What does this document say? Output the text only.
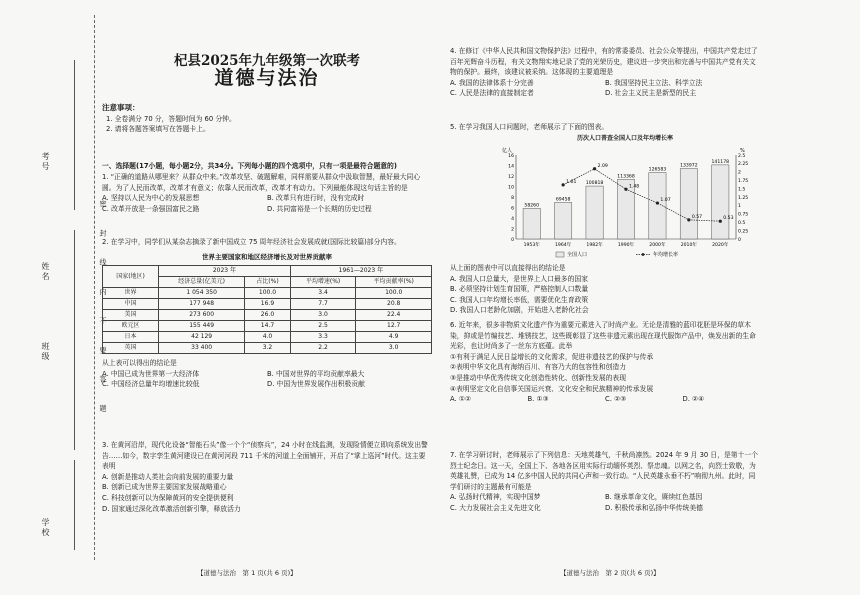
考号
姓名
班级
学校
密 封 线 内 不 要 答 题
杞县2025年九年级第一次联考
道德与法治

注意事项：

1. 全卷满分 70 分，答题时间为 60 分钟。

2. 请将各题答案填写在答题卡上。

一、选择题(17小题，每小题2分，共34分。下列每小题的四个选项中，只有一项是最符合题意的)

1. “正确的道路从哪里来？从群众中来。”改革攻坚、破题解难，同样需要从群众中汲取智慧，最好最大同心圆。为了人民而改革，改革才有意义；依靠人民而改革，改革才有动力。下列最能体现这句话主旨的是

A. 坚持以人民为中心的发展思想	B. 改革只有进行时，没有完成时
C. 改革开放是一条强国富民之路	D. 共同富裕是一个长期的历史过程

2. 在学习中，同学们从某杂志摘录了新中国成立 75 周年经济社会发展成就(国际比较篇)部分内容。

世界主要国家和地区经济增长及对世界贡献率
国家(地区)	2023 年		1961—2023 年	
	经济总量(亿美元)	占比(%)	平均增速(%)	平均贡献率(%)
世界	1 054 350	100.0	3.4	100.0
中国	177 948	16.9	7.7	20.8
美国	273 600	26.0	3.0	22.4
欧元区	155 449	14.7	2.5	12.7
日本	42 129	4.0	3.3	4.9
英国	33 400	3.2	2.2	3.0

从上表可以得出的结论是

A. 中国已成为世界第一大经济体	B. 中国对世界的平均贡献率最大
C. 中国经济总量年均增速比较低	D. 中国为世界发展作出积极贡献

3. 在黄河沿岸，现代化设备“智能石头”像一个个“侦察兵”，24 小时在线监测，发现险情便立即向系统发出警告……如今，数字孪生黄河建设已在黄河河段 711 千米的河道上全面铺开，开启了“掌上巡河”时代。这主要表明

A. 创新是推动人类社会向前发展的重要力量

B. 创新已成为世界主要国家发展战略重心

C. 科技创新可以为保障黄河的安全提供便利

D. 国家通过深化改革激活创新引擎，释放活力

【道德与法治　第 1 页(共 6 页)】

4. 在修订《中华人民共和国文物保护法》过程中，有的常委委员、社会公众等提出，中国共产党走过了百年光辉奋斗历程，有关文物翔实地记录了党的光荣历史，建议进一步突出和完善与中国共产党有关文物的保护。最终，该建议被采纳。这体现的主要道理是

A. 我国的法律体系十分完善	B. 我国坚持民主立法、科学立法
C. 人民是法律的直接制定者	D. 社会主义民主是新型的民主

5. 在学习我国人口问题时，老师展示了下面的图表。

历次人口普查全国人口及年均增长率
亿人	%
0
2
4
6
8
10
12
14
16
0
0.25
0.5
0.75
1
1.25
1.5
1.75
2
2.25
2.5
58260
1953年
69458
1964年
100818
1982年
113368
1990年
126583
2000年
133972
2010年
141178
2020年
1.61
2.09
1.48
1.07
0.57	0.53
全国人口	年均增长率

从上面的图表中可以直接得出的结论是

A. 我国人口总量大，是世界上人口最多的国家

B. 必须坚持计划生育国策，严格控制人口数量

C. 我国人口年均增长率低，需要优化生育政策

D. 我国人口老龄化加剧，开始进入老龄化社会

6. 近年来，很多非物质文化遗产作为重要元素进入了时尚产业。无论是清雅的蓝印花胚是环保的草木染，抑或是竹编技艺、堆锈技艺，这些既彰显了这些非遗元素出现在现代服饰产品中，焕发出新的生命光彩，也让时尚多了一丝东方底蕴。此举

①有利于满足人民日益增长的文化需求，促进非遗技艺的保护与传承

②表明中华文化具有海纳百川、有容乃大的包容性和创造力

③是推动中华优秀传统文化创造性转化、创新性发展的表现

④表明坚定文化自信事关国运兴衰、文化安全和民族精神的传承发展

A. ①②	B. ①③	C. ②③	D. ②④

7. 在学习研讨时，老师展示了下列信息：天地英雄气，千秋尚凛然。2024 年 9 月 30 日，是第十一个烈士纪念日。这一天，全国上下、各地各区用实际行动缅怀英烈、祭忠魂。以网之名，向烈士致敬，为英雄礼赞，已成为 14 亿多中国人民的共同心声和一致行动。“人民英雄永垂不朽”响彻九州。此时，同学们研讨的主题最有可能是

A. 弘扬时代精神，实现中国梦	B. 继承革命文化，赓续红色基因
C. 大力发展社会主义先进文化	D. 积极传承和弘扬中华传统美德
【道德与法治　第 2 页(共 6 页)】
